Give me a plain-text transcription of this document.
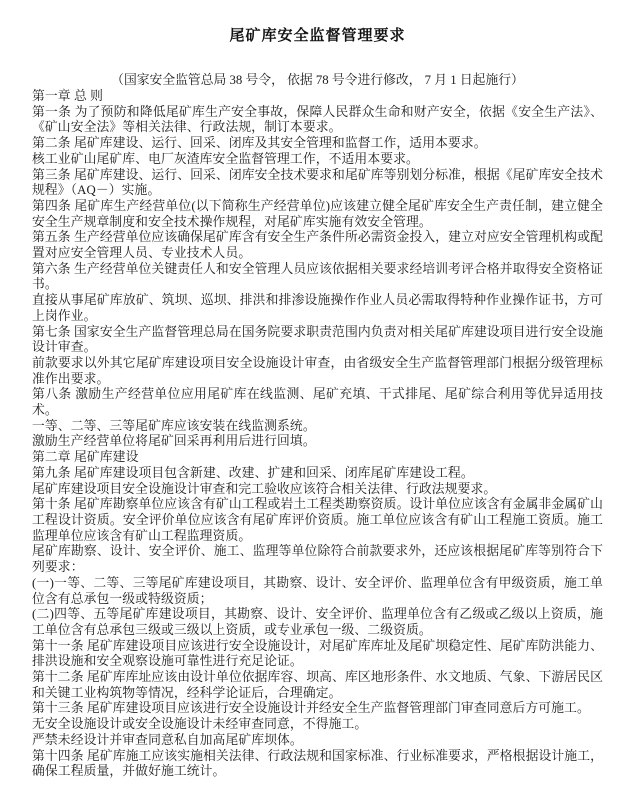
尾矿库安全监督管理要求

（国家安全监管总局 38 号令， 依据 78 号令进行修改， 7 月 1 日起施行）

第一章 总 则

第一条 为了预防和降低尾矿库生产安全事故，保障人民群众生命和财产安全，依据《安全生产法》、《矿山安全法》等相关法律、行政法规，制订本要求。

第二条 尾矿库建设、运行、回采、闭库及其安全管理和监督工作，适用本要求。

核工业矿山尾矿库、电厂灰渣库安全监督管理工作，不适用本要求。

第三条 尾矿库建设、运行、回采、闭库安全技术要求和尾矿库等别划分标准，根据《尾矿库安全技术规程》（AQ－）实施。

第四条 尾矿库生产经营单位(以下简称生产经营单位)应该建立健全尾矿库安全生产责任制，建立健全安全生产规章制度和安全技术操作规程，对尾矿库实施有效安全管理。

第五条 生产经营单位应该确保尾矿库含有安全生产条件所必需资金投入，建立对应安全管理机构或配置对应安全管理人员、专业技术人员。

第六条 生产经营单位关键责任人和安全管理人员应该依据相关要求经培训考评合格并取得安全资格证书。

直接从事尾矿库放矿、筑坝、巡坝、排洪和排渗设施操作作业人员必需取得特种作业操作证书，方可上岗作业。

第七条 国家安全生产监督管理总局在国务院要求职责范围内负责对相关尾矿库建设项目进行安全设施设计审查。

前款要求以外其它尾矿库建设项目安全设施设计审查，由省级安全生产监督管理部门根据分级管理标准作出要求。

第八条 激励生产经营单位应用尾矿库在线监测、尾矿充填、干式排尾、尾矿综合利用等优异适用技术。

一等、二等、三等尾矿库应该安装在线监测系统。

激励生产经营单位将尾矿回采再利用后进行回填。

第二章 尾矿库建设

第九条 尾矿库建设项目包含新建、改建、扩建和回采、闭库尾矿库建设工程。

尾矿库建设项目安全设施设计审查和完工验收应该符合相关法律、行政法规要求。

第十条 尾矿库勘察单位应该含有矿山工程或岩土工程类勘察资质。设计单位应该含有金属非金属矿山工程设计资质。安全评价单位应该含有尾矿库评价资质。施工单位应该含有矿山工程施工资质。施工监理单位应该含有矿山工程监理资质。

尾矿库勘察、设计、安全评价、施工、监理等单位除符合前款要求外，还应该根据尾矿库等别符合下列要求：

(一)一等、二等、三等尾矿库建设项目，其勘察、设计、安全评价、监理单位含有甲级资质，施工单位含有总承包一级或特级资质；

(二)四等、五等尾矿库建设项目，其勘察、设计、安全评价、监理单位含有乙级或乙级以上资质，施工单位含有总承包三级或三级以上资质，或专业承包一级、二级资质。

第十一条 尾矿库建设项目应该进行安全设施设计，对尾矿库库址及尾矿坝稳定性、尾矿库防洪能力、排洪设施和安全观察设施可靠性进行充足论证。

第十二条 尾矿库库址应该由设计单位依据库容、坝高、库区地形条件、水文地质、气象、下游居民区和关键工业构筑物等情况，经科学论证后，合理确定。

第十三条 尾矿库建设项目应该进行安全设施设计并经安全生产监督管理部门审查同意后方可施工。

无安全设施设计或安全设施设计未经审查同意，不得施工。

严禁未经设计并审查同意私自加高尾矿库坝体。

第十四条 尾矿库施工应该实施相关法律、行政法规和国家标准、行业标准要求，严格根据设计施工，确保工程质量，并做好施工统计。
